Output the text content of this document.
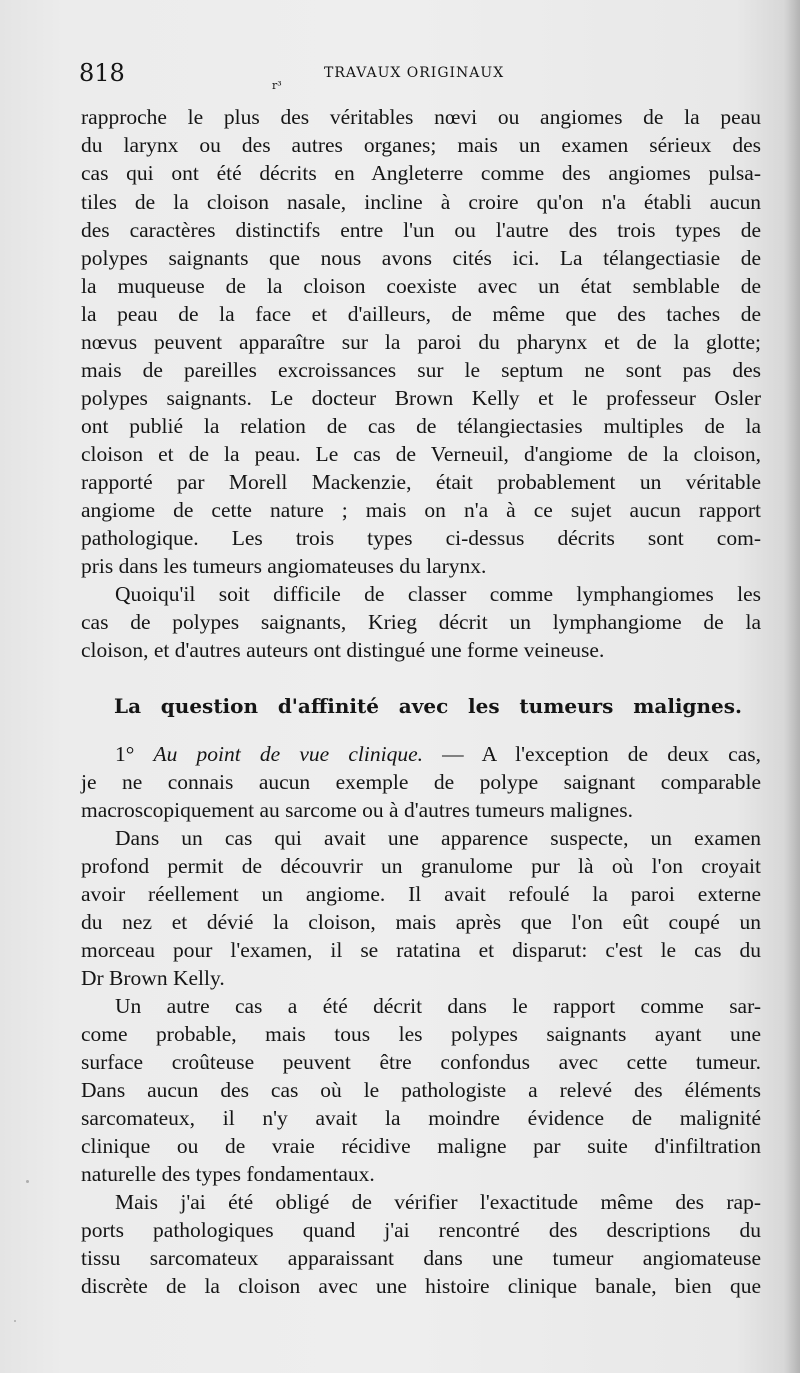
818	TRAVAUX ORIGINAUX
r³

rapproche le plus des véritables nœvi ou angiomes de la peau

du larynx ou des autres organes; mais un examen sérieux des

cas qui ont été décrits en Angleterre comme des angiomes pulsa-

tiles de la cloison nasale, incline à croire qu'on n'a établi aucun

des caractères distinctifs entre l'un ou l'autre des trois types de

polypes saignants que nous avons cités ici. La télangectiasie de

la muqueuse de la cloison coexiste avec un état semblable de

la peau de la face et d'ailleurs, de même que des taches de

nœvus peuvent apparaître sur la paroi du pharynx et de la glotte;

mais de pareilles excroissances sur le septum ne sont pas des

polypes saignants. Le docteur Brown Kelly et le professeur Osler

ont publié la relation de cas de télangiectasies multiples de la

cloison et de la peau. Le cas de Verneuil, d'angiome de la cloison,

rapporté par Morell Mackenzie, était probablement un véritable

angiome de cette nature ; mais on n'a à ce sujet aucun rapport

pathologique. Les trois types ci-dessus décrits sont com-

pris dans les tumeurs angiomateuses du larynx.

Quoiqu'il soit difficile de classer comme lymphangiomes les

cas de polypes saignants, Krieg décrit un lymphangiome de la

cloison, et d'autres auteurs ont distingué une forme veineuse.

La question d'affinité avec les tumeurs malignes.

1° Au point de vue clinique. — A l'exception de deux cas,

je ne connais aucun exemple de polype saignant comparable

macroscopiquement au sarcome ou à d'autres tumeurs malignes.

Dans un cas qui avait une apparence suspecte, un examen

profond permit de découvrir un granulome pur là où l'on croyait

avoir réellement un angiome. Il avait refoulé la paroi externe

du nez et dévié la cloison, mais après que l'on eût coupé un

morceau pour l'examen, il se ratatina et disparut: c'est le cas du

Dr Brown Kelly.

Un autre cas a été décrit dans le rapport comme sar-

come probable, mais tous les polypes saignants ayant une

surface croûteuse peuvent être confondus avec cette tumeur.

Dans aucun des cas où le pathologiste a relevé des éléments

sarcomateux, il n'y avait la moindre évidence de malignité

clinique ou de vraie récidive maligne par suite d'infiltration

naturelle des types fondamentaux.

Mais j'ai été obligé de vérifier l'exactitude même des rap-

ports pathologiques quand j'ai rencontré des descriptions du

tissu sarcomateux apparaissant dans une tumeur angiomateuse

discrète de la cloison avec une histoire clinique banale, bien que
